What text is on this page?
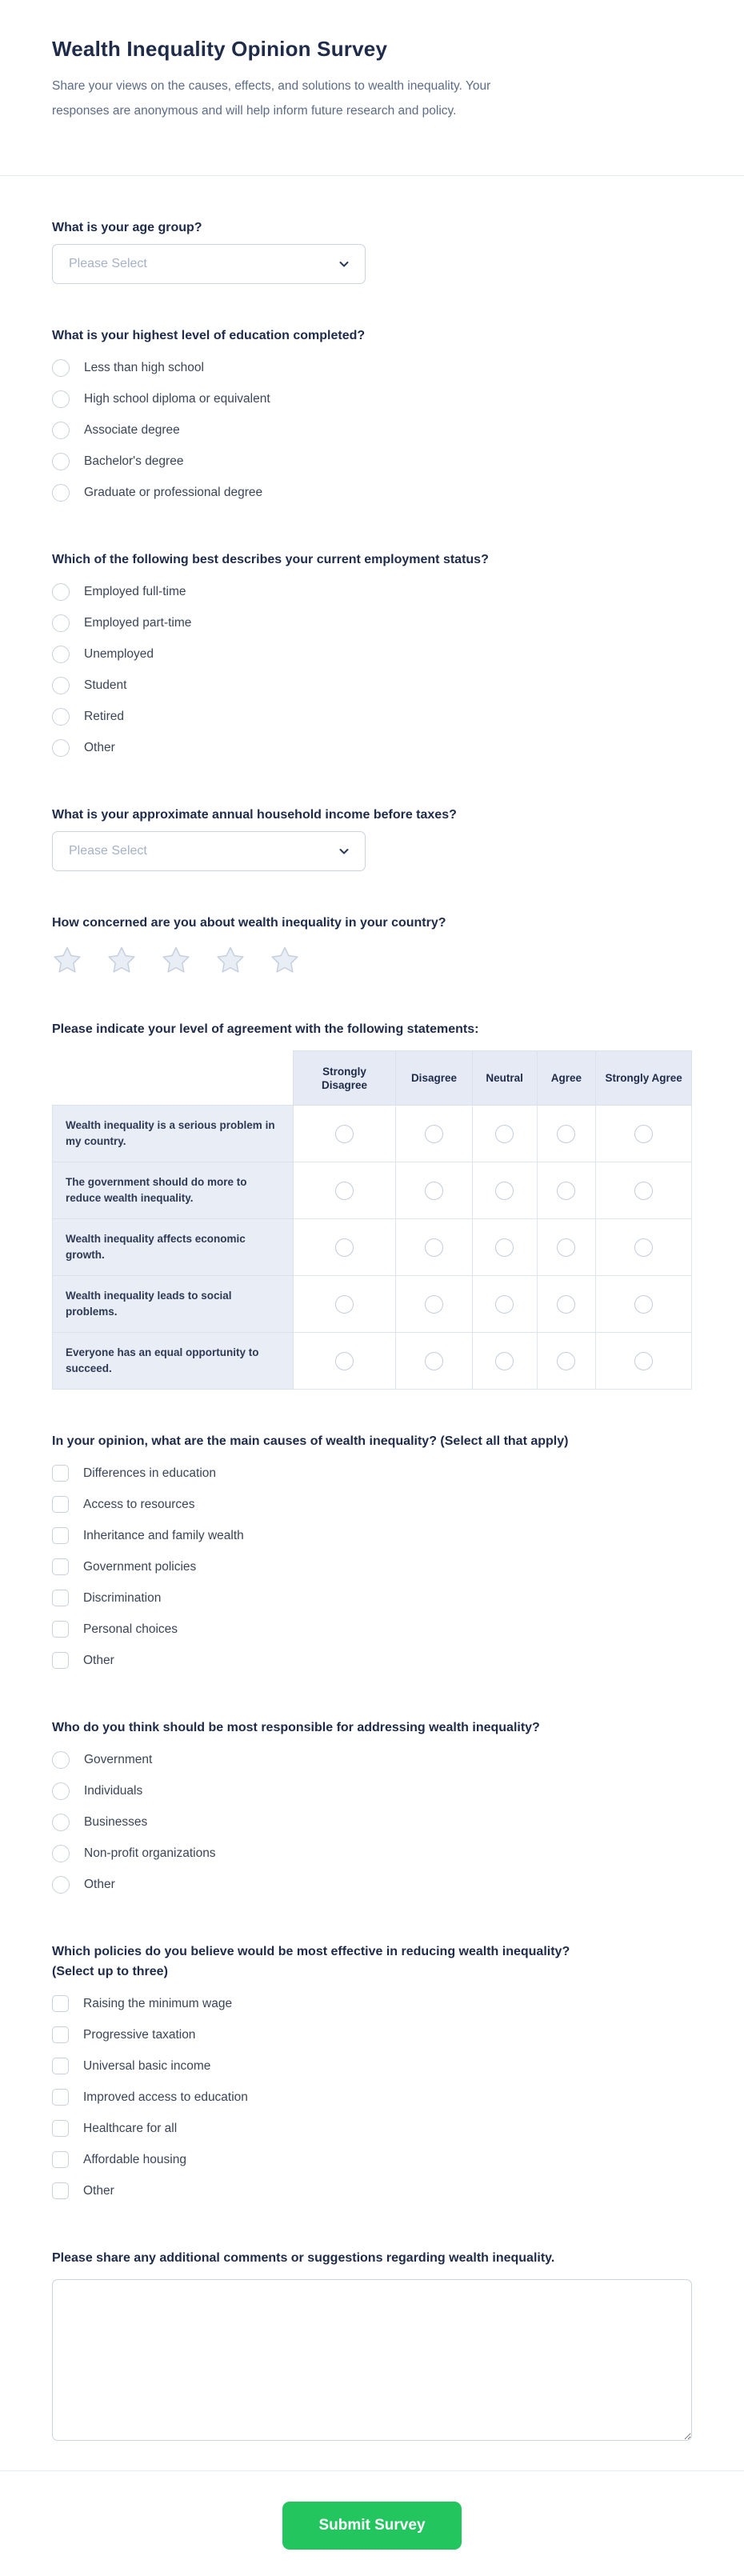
Wealth Inequality Opinion Survey

Share your views on the causes, effects, and solutions to wealth inequality. Your responses are anonymous and will help inform future research and policy.

What is your age group?
Please Select
What is your highest level of education completed?
Less than high school
High school diploma or equivalent
Associate degree
Bachelor's degree
Graduate or professional degree
Which of the following best describes your current employment status?
Employed full-time
Employed part-time
Unemployed
Student
Retired
Other
What is your approximate annual household income before taxes?
Please Select
How concerned are you about wealth inequality in your country?
Please indicate your level of agreement with the following statements:
	Strongly Disagree	Disagree	Neutral	Agree	Strongly Agree
Wealth inequality is a serious problem in my country.	

The government should do more to reduce wealth inequality.	

Wealth inequality affects economic growth.	

Wealth inequality leads to social problems.	

Everyone has an equal opportunity to succeed.	

In your opinion, what are the main causes of wealth inequality? (Select all that apply)
Differences in education
Access to resources
Inheritance and family wealth
Government policies
Discrimination
Personal choices
Other
Who do you think should be most responsible for addressing wealth inequality?
Government
Individuals
Businesses
Non-profit organizations
Other
Which policies do you believe would be most effective in reducing wealth inequality? (Select up to three)
Raising the minimum wage
Progressive taxation
Universal basic income
Improved access to education
Healthcare for all
Affordable housing
Other
Please share any additional comments or suggestions regarding wealth inequality.
Submit Survey
